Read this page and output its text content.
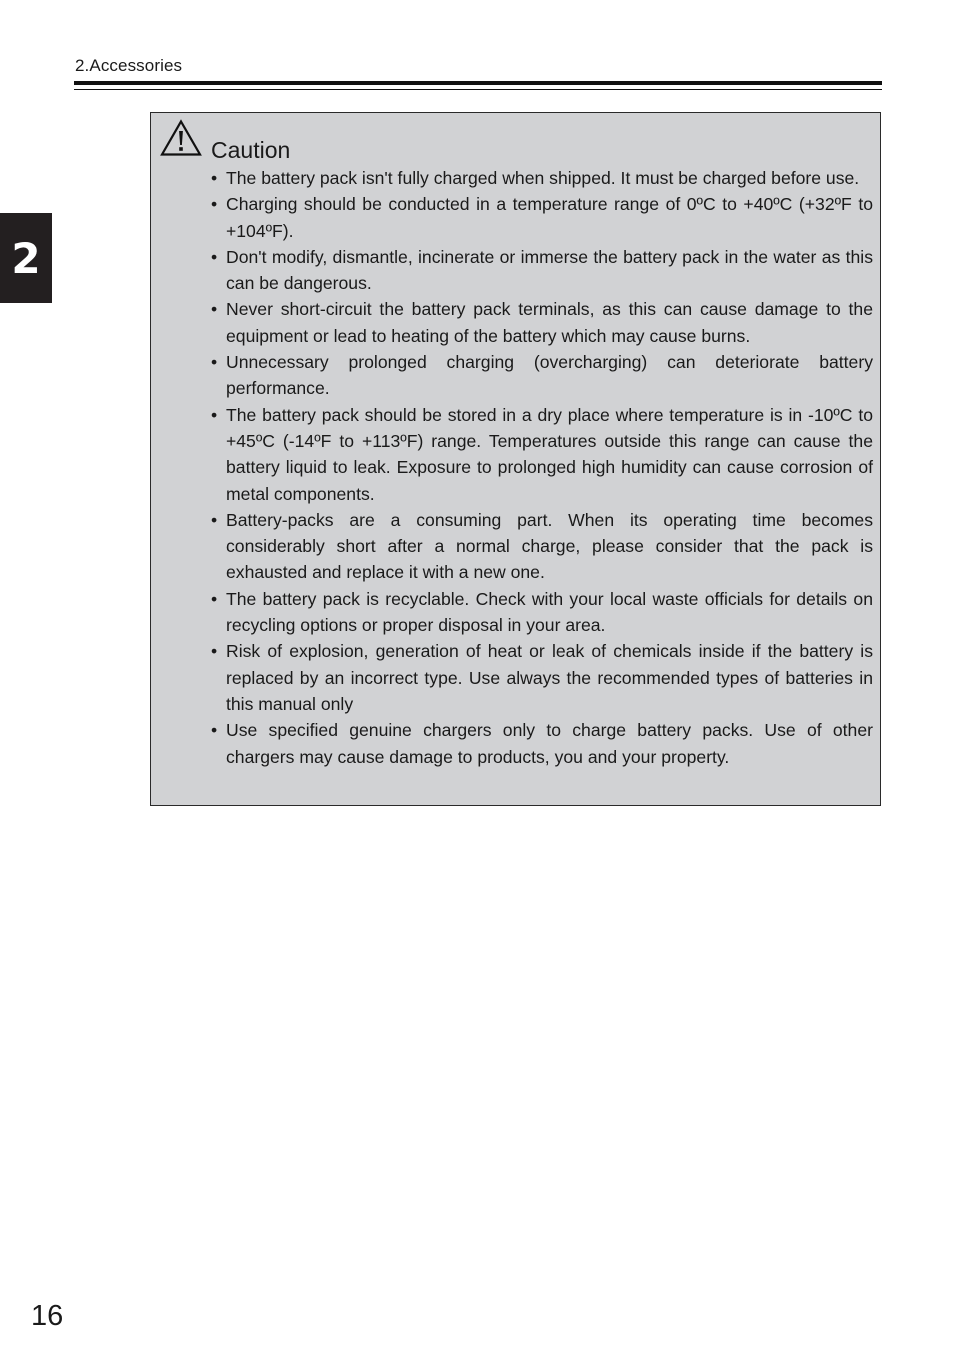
2.Accessories
2
Caution
• The battery pack isn't fully charged when shipped. It must be charged before use.
• Charging should be conducted in a temperature range of 0ºC to +40ºC (+32ºF to +104ºF).
• Don't modify, dismantle, incinerate or immerse the battery pack in the water as this can be dangerous.
• Never short-circuit the battery pack terminals, as this can cause damage to the equipment or lead to heating of the battery which may cause burns.
• Unnecessary prolonged charging (overcharging) can deteriorate battery performance.
• The battery pack should be stored in a dry place where temperature is in -10ºC to +45ºC (-14ºF to +113ºF) range. Temperatures outside this range can cause the battery liquid to leak. Exposure to prolonged high humidity can cause corrosion of metal components.
• Battery-packs are a consuming part. When its operating time becomes considerably short after a normal charge, please consider that the pack is exhausted and replace it with a new one.
• The battery pack is recyclable. Check with your local waste officials for details on recycling options or proper disposal in your area.
• Risk of explosion, generation of heat or leak of chemicals inside if the battery is replaced by an incorrect type. Use always the recommended types of batteries in this manual only
• Use specified genuine chargers only to charge battery packs. Use of other chargers may cause damage to products, you and your property.
16
